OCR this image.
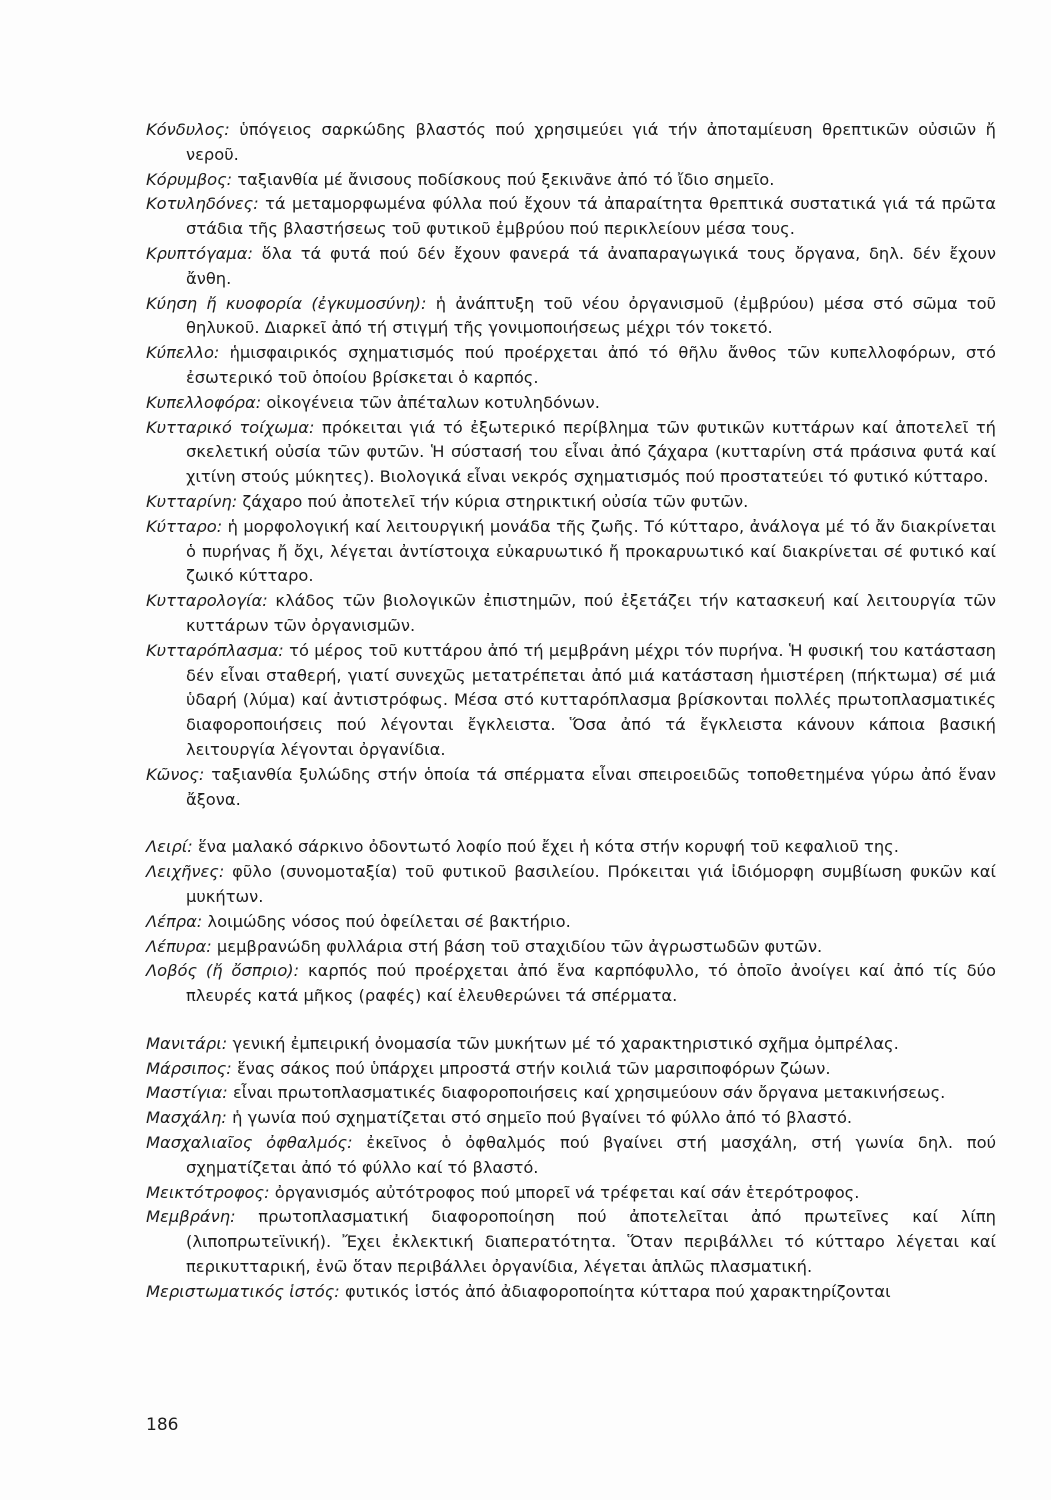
Κόνδυλος: ὑπόγειος σαρκώδης βλαστός πού χρησιμεύει γιά τήν ἀποταμίευση θρεπτικῶν οὐσιῶν ἤ νεροῦ.

Κόρυμβος: ταξιανθία μέ ἄνισους ποδίσκους πού ξεκινᾶνε ἀπό τό ἴδιο σημεῖο.

Κοτυληδόνες: τά μεταμορφωμένα φύλλα πού ἔχουν τά ἀπαραίτητα θρεπτικά συστατικά γιά τά πρῶτα στάδια τῆς βλαστήσεως τοῦ φυτικοῦ ἐμβρύου πού περικλείουν μέσα τους.

Κρυπτόγαμα: ὅλα τά φυτά πού δέν ἔχουν φανερά τά ἀναπαραγωγικά τους ὄργανα, δηλ. δέν ἔχουν ἄνθη.

Κύηση ἤ κυοφορία (ἐγκυμοσύνη): ἡ ἀνάπτυξη τοῦ νέου ὀργανισμοῦ (ἐμβρύου) μέσα στό σῶμα τοῦ θηλυκοῦ. Διαρκεῖ ἀπό τή στιγμή τῆς γονιμοποιήσεως μέχρι τόν τοκετό.

Κύπελλο: ἡμισφαιρικός σχηματισμός πού προέρχεται ἀπό τό θῆλυ ἄνθος τῶν κυπελλοφόρων, στό ἐσωτερικό τοῦ ὁποίου βρίσκεται ὁ καρπός.

Κυπελλοφόρα: οἰκογένεια τῶν ἀπέταλων κοτυληδόνων.

Κυτταρικό τοίχωμα: πρόκειται γιά τό ἐξωτερικό περίβλημα τῶν φυτικῶν κυττάρων καί ἀποτελεῖ τή σκελετική οὐσία τῶν φυτῶν. Ἡ σύστασή του εἶναι ἀπό ζάχαρα (κυτταρίνη στά πράσινα φυτά καί χιτίνη στούς μύκητες). Βιολογικά εἶναι νεκρός σχηματισμός πού προστατεύει τό φυτικό κύτταρο.

Κυτταρίνη: ζάχαρο πού ἀποτελεῖ τήν κύρια στηρικτική οὐσία τῶν φυτῶν.

Κύτταρο: ἡ μορφολογική καί λειτουργική μονάδα τῆς ζωῆς. Τό κύτταρο, ἀνάλογα μέ τό ἄν διακρίνεται ὁ πυρήνας ἤ ὄχι, λέγεται ἀντίστοιχα εὐκαρυωτικό ἤ προκαρυωτικό καί διακρίνεται σέ φυτικό καί ζωικό κύτταρο.

Κυτταρολογία: κλάδος τῶν βιολογικῶν ἐπιστημῶν, πού ἐξετάζει τήν κατασκευή καί λειτουργία τῶν κυττάρων τῶν ὀργανισμῶν.

Κυτταρόπλασμα: τό μέρος τοῦ κυττάρου ἀπό τή μεμβράνη μέχρι τόν πυρήνα. Ἡ φυσική του κατάσταση δέν εἶναι σταθερή, γιατί συνεχῶς μετατρέπεται ἀπό μιά κατάσταση ἡμιστέρεη (πήκτωμα) σέ μιά ὑδαρή (λύμα) καί ἀντιστρόφως. Μέσα στό κυτταρόπλασμα βρίσκονται πολλές πρωτοπλασματικές διαφοροποιήσεις πού λέγονται ἔγκλειστα. Ὅσα ἀπό τά ἔγκλειστα κάνουν κάποια βασική λειτουργία λέγονται ὀργανίδια.

Κῶνος: ταξιανθία ξυλώδης στήν ὁποία τά σπέρματα εἶναι σπειροειδῶς τοποθετημένα γύρω ἀπό ἕναν ἄξονα.

Λειρί: ἕνα μαλακό σάρκινο ὀδοντωτό λοφίο πού ἔχει ἡ κότα στήν κορυφή τοῦ κεφαλιοῦ της.

Λειχῆνες: φῦλο (συνομοταξία) τοῦ φυτικοῦ βασιλείου. Πρόκειται γιά ἰδιόμορφη συμβίωση φυκῶν καί μυκήτων.

Λέπρα: λοιμώδης νόσος πού ὀφείλεται σέ βακτήριο.

Λέπυρα: μεμβρανώδη φυλλάρια στή βάση τοῦ σταχιδίου τῶν ἀγρωστωδῶν φυτῶν.

Λοβός (ἤ ὄσπριο): καρπός πού προέρχεται ἀπό ἕνα καρπόφυλλο, τό ὁποῖο ἀνοίγει καί ἀπό τίς δύο πλευρές κατά μῆκος (ραφές) καί ἐλευθερώνει τά σπέρματα.

Μανιτάρι: γενική ἐμπειρική ὀνομασία τῶν μυκήτων μέ τό χαρακτηριστικό σχῆμα ὀμπρέλας.

Μάρσιπος: ἕνας σάκος πού ὑπάρχει μπροστά στήν κοιλιά τῶν μαρσιποφόρων ζώων.

Μαστίγια: εἶναι πρωτοπλασματικές διαφοροποιήσεις καί χρησιμεύουν σάν ὄργανα μετακινήσεως.

Μασχάλη: ἡ γωνία πού σχηματίζεται στό σημεῖο πού βγαίνει τό φύλλο ἀπό τό βλαστό.

Μασχαλιαῖος ὀφθαλμός: ἐκεῖνος ὁ ὀφθαλμός πού βγαίνει στή μασχάλη, στή γωνία δηλ. πού σχηματίζεται ἀπό τό φύλλο καί τό βλαστό.

Μεικτότροφος: ὀργανισμός αὐτότροφος πού μπορεῖ νά τρέφεται καί σάν ἑτερότροφος.

Μεμβράνη: πρωτοπλασματική διαφοροποίηση πού ἀποτελεῖται ἀπό πρωτεῖνες καί λίπη (λιποπρωτεϊνική). Ἔχει ἐκλεκτική διαπερατότητα. Ὅταν περιβάλλει τό κύτταρο λέγεται καί περικυτταρική, ἐνῶ ὅταν περιβάλλει ὀργανίδια, λέγεται ἁπλῶς πλασματική.

Μεριστωματικός ἱστός: φυτικός ἱστός ἀπό ἀδιαφοροποίητα κύτταρα πού χαρακτηρίζονται

186
